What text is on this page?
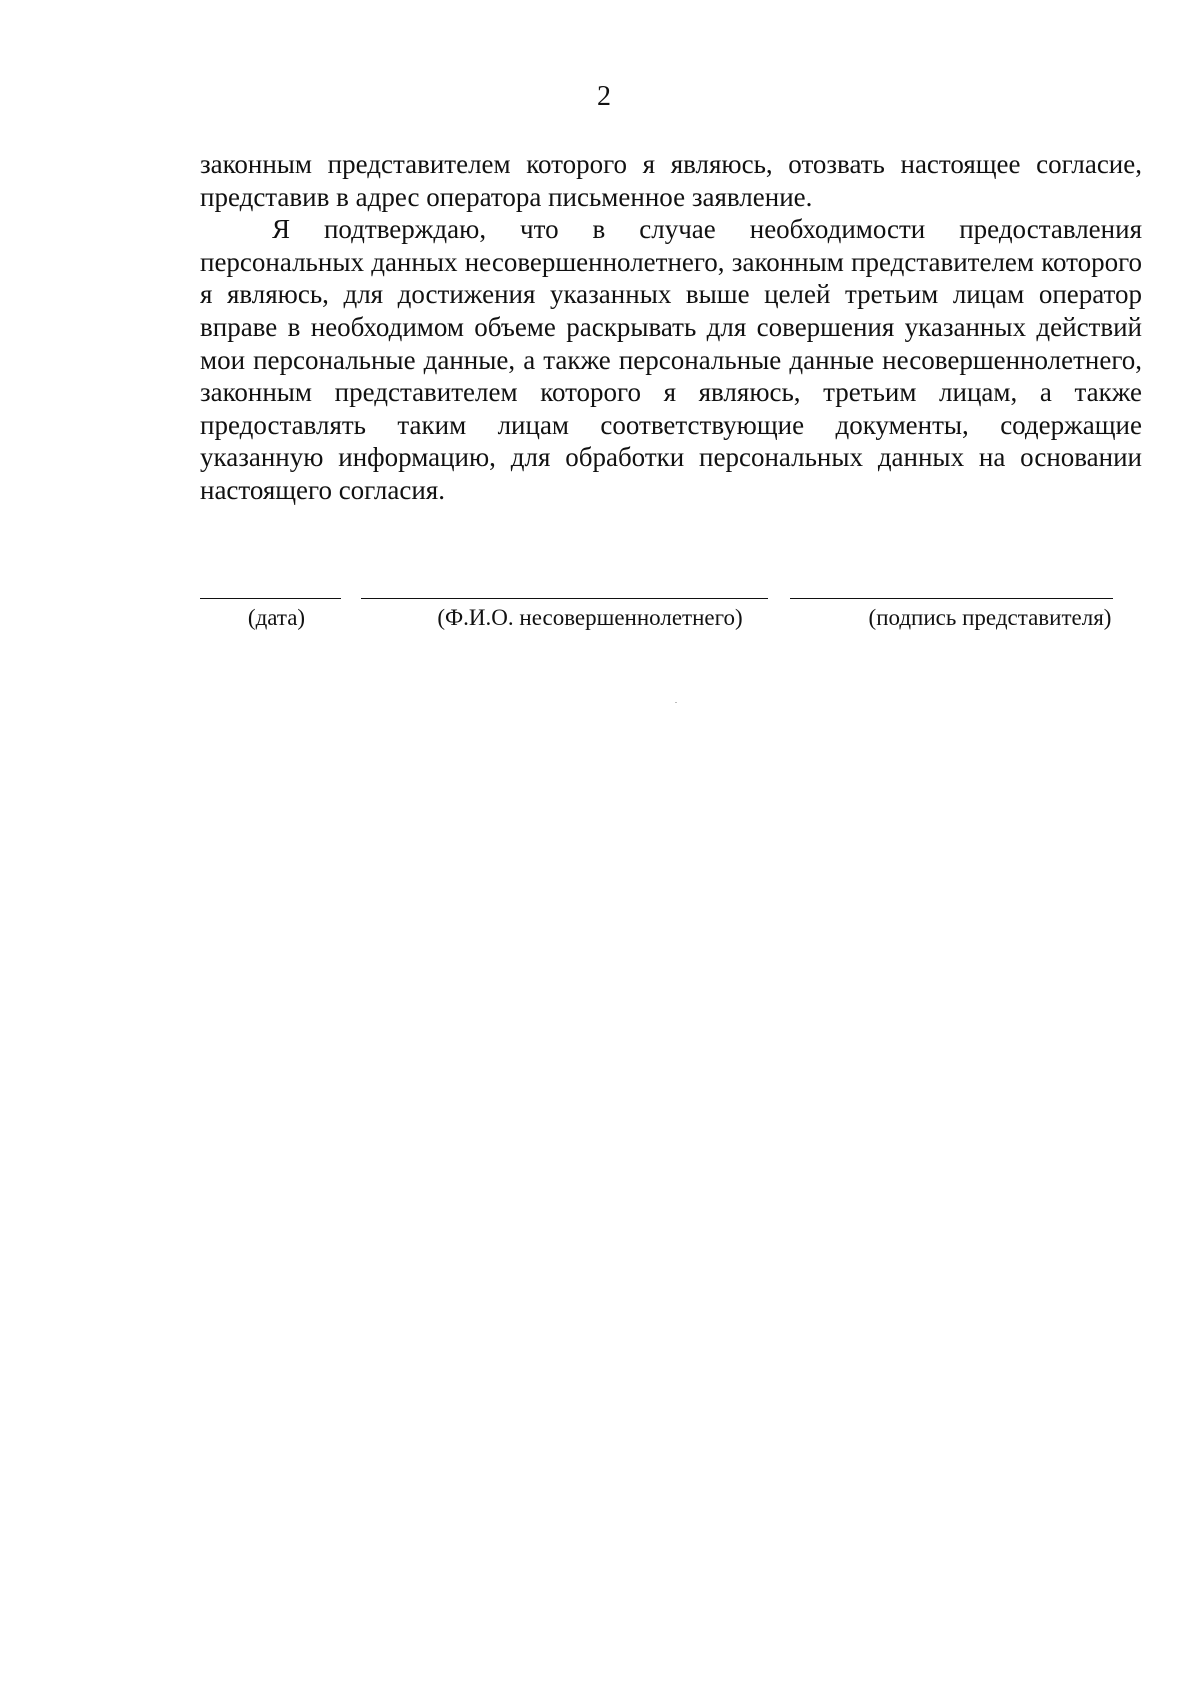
2

законным представителем которого я являюсь, отозвать настоящее согласие, представив в адрес оператора письменное заявление.

Я подтверждаю, что в случае необходимости предоставления персональных данных несовершеннолетнего, законным представителем которого я являюсь, для достижения указанных выше целей третьим лицам оператор вправе в необходимом объеме раскрывать для совершения указанных действий мои персональные данные, а также персональные данные несовершеннолетнего, законным представителем которого я являюсь, третьим лицам, а также предоставлять таким лицам соответствующие документы, содержащие указанную информацию, для обработки персональных данных на основании настоящего согласия.

(дата)	(Ф.И.О. несовершеннолетнего)	(подпись представителя)
